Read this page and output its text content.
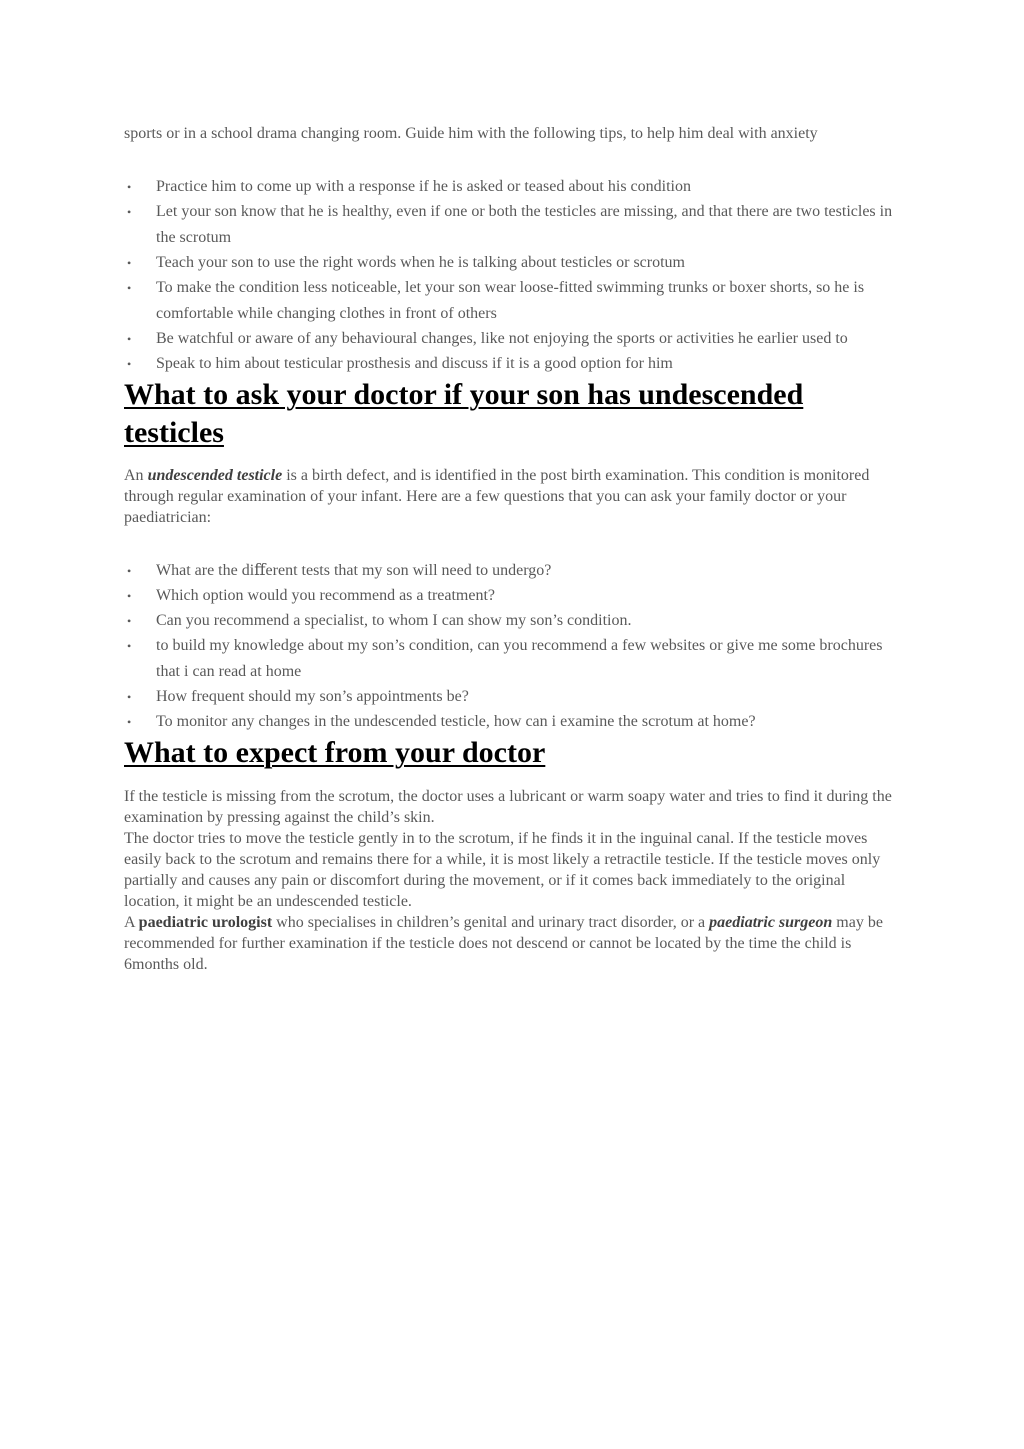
sports or in a school drama changing room. Guide him with the following tips, to help him deal with anxiety

• Practice him to come up with a response if he is asked or teased about his condition
• Let your son know that he is healthy, even if one or both the testicles are missing, and that there are two testicles in the scrotum
• Teach your son to use the right words when he is talking about testicles or scrotum
• To make the condition less noticeable, let your son wear loose-fitted swimming trunks or boxer shorts, so he is comfortable while changing clothes in front of others
• Be watchful or aware of any behavioural changes, like not enjoying the sports or activities he earlier used to
• Speak to him about testicular prosthesis and discuss if it is a good option for him
What to ask your doctor if your son has undescended testicles

An undescended testicle is a birth defect, and is identified in the post birth examination. This condition is monitored through regular examination of your infant. Here are a few questions that you can ask your family doctor or your paediatrician:

• What are the dіﬀerent tests that my son will need to undergo?
• Which option would you recommend as a treatment?
• Can you recommend a specialist, to whom I can show my son’s condition.
• to build my knowledge about my son’s condition, can you recommend a few websites or give me some brochures that i can read at home
• How frequent should my son’s appointments be?
• To monitor any changes in the undescended testicle, how can i examine the scrotum at home?
What to expect from your doctor

If the testicle is missing from the scrotum, the doctor uses a lubricant or warm soapy water and tries to find it during the examination by pressing against the child’s skin.

The doctor tries to move the testicle gently in to the scrotum, if he finds it in the inguinal canal. If the testicle moves easily back to the scrotum and remains there for a while, it is most likely a retractile testicle. If the testicle moves only partially and causes any pain or discomfort during the movement, or if it comes back immediately to the original location, it might be an undescended testicle.

A paediatric urologist who specialises in children’s genital and urinary tract disorder, or a paediatric surgeon may be recommended for further examination if the testicle does not descend or cannot be located by the time the child is 6months old.
